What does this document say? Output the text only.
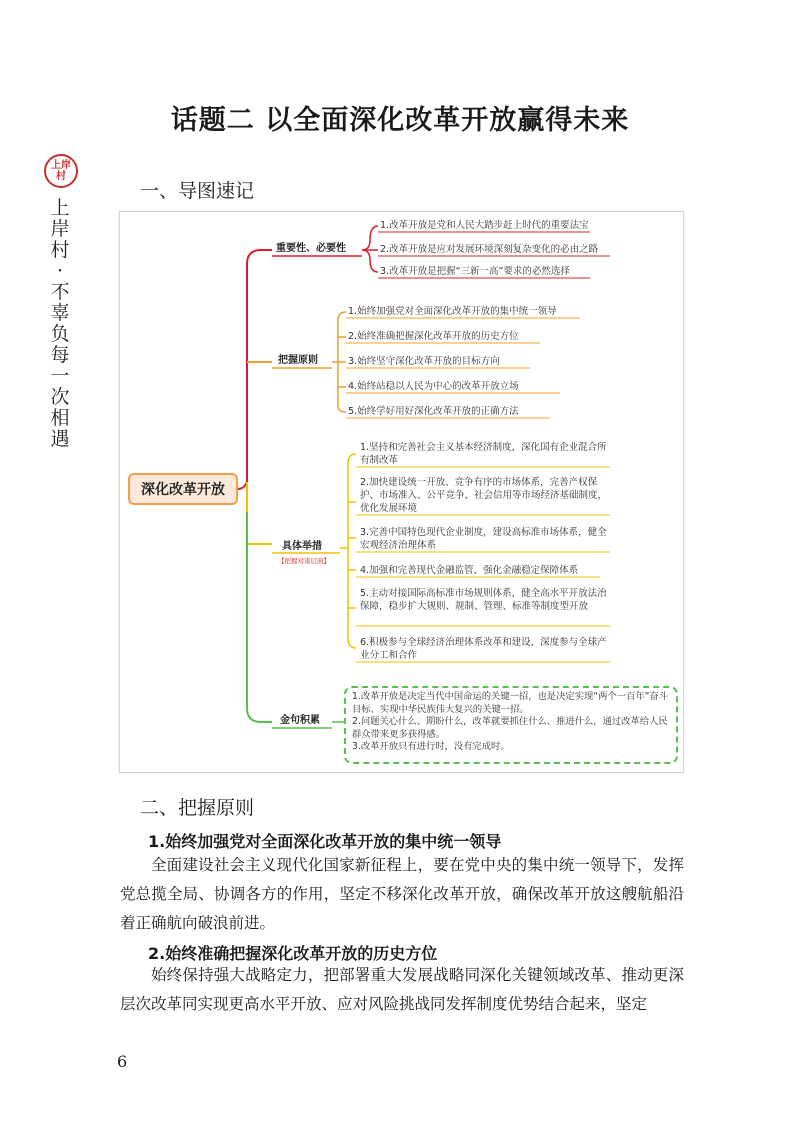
话题二 以全面深化改革开放赢得未来
上岸村
上
岸
村
·
不
辜
负
每
一
次
相
遇
一、导图速记
深化改革开放
重要性、必要性
1.改革开放是党和人民大踏步赶上时代的重要法宝
2.改革开放是应对发展环境深刻复杂变化的必由之路
3.改革开放是把握“三新一高”要求的必然选择
把握原则
1.始终加强党对全面深化改革开放的集中统一领导
2.始终准确把握深化改革开放的历史方位
3.始终坚守深化改革开放的目标方向
4.始终站稳以人民为中心的改革开放立场
5.始终学好用好深化改革开放的正确方法
具体举措
【把握对策层面】
1.坚持和完善社会主义基本经济制度，深化国有企业混合所有制改革
2.加快建设统一开放、竞争有序的市场体系，完善产权保护、市场准入、公平竞争、社会信用等市场经济基础制度，优化发展环境
3.完善中国特色现代企业制度，建设高标准市场体系，健全宏观经济治理体系
4.加强和完善现代金融监管，强化金融稳定保障体系
5.主动对接国际高标准市场规则体系，健全高水平开放法治保障，稳步扩大规则、规制、管理、标准等制度型开放
6.积极参与全球经济治理体系改革和建设，深度参与全球产业分工和合作
金句积累
1.改革开放是决定当代中国命运的关键一招，也是决定实现“两个一百年”奋斗目标、实现中华民族伟大复兴的关键一招。
2.问题关心什么、期盼什么，改革就要抓住什么、推进什么，通过改革给人民群众带来更多获得感。
3.改革开放只有进行时，没有完成时。
二、把握原则
1.始终加强党对全面深化改革开放的集中统一领导
全面建设社会主义现代化国家新征程上，要在党中央的集中统一领导下，发挥党总揽全局、协调各方的作用，坚定不移深化改革开放，确保改革开放这艘航船沿着正确航向破浪前进。
2.始终准确把握深化改革开放的历史方位
始终保持强大战略定力，把部署重大发展战略同深化关键领域改革、推动更深层次改革同实现更高水平开放、应对风险挑战同发挥制度优势结合起来，坚定
6
